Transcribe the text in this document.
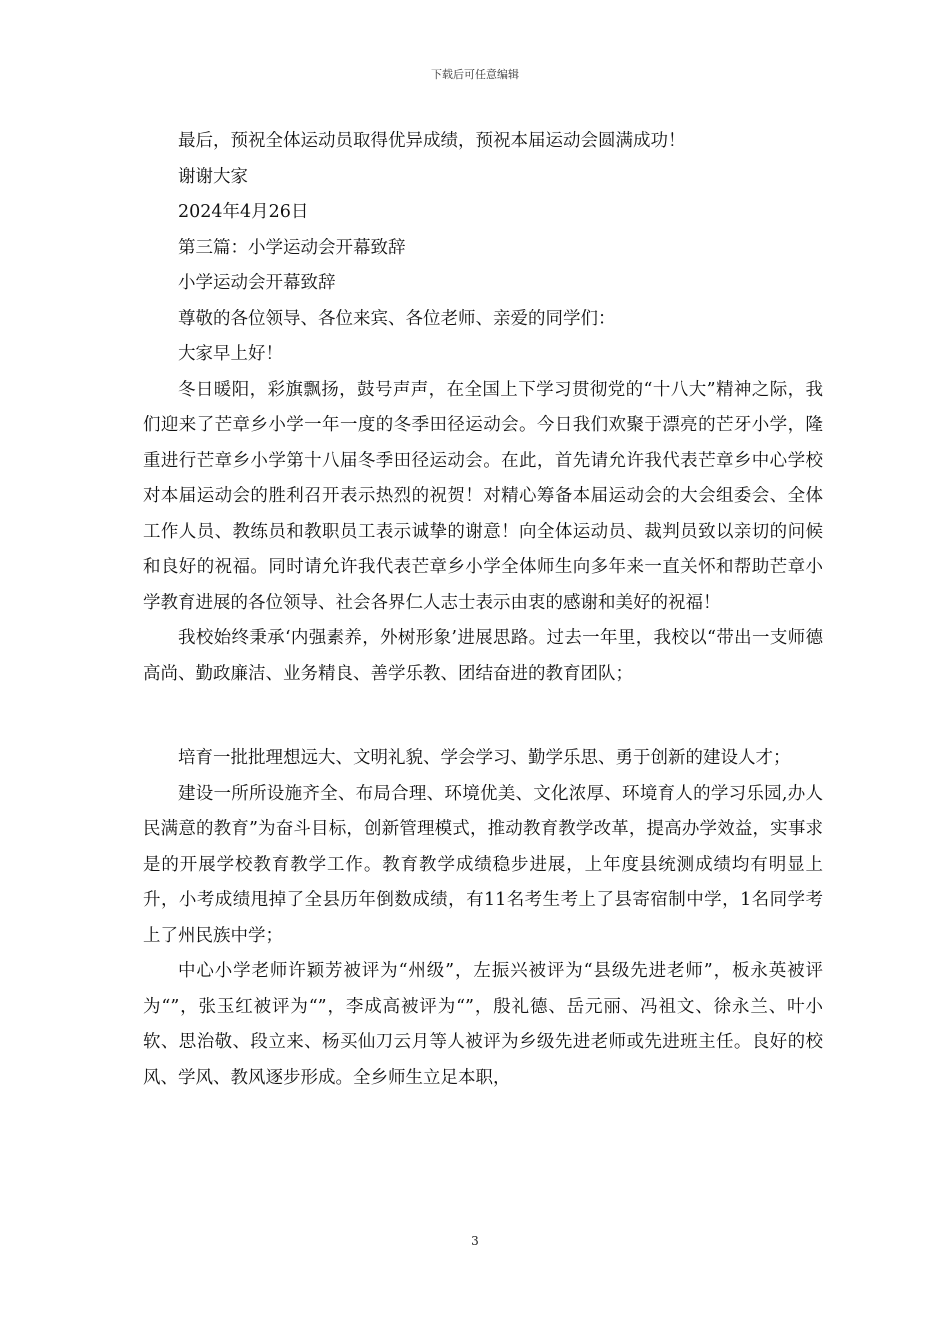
下载后可任意编辑

最后，预祝全体运动员取得优异成绩，预祝本届运动会圆满成功！

谢谢大家

2024年4月26日

第三篇：小学运动会开幕致辞

小学运动会开幕致辞

尊敬的各位领导、各位来宾、各位老师、亲爱的同学们：

大家早上好！

冬日暖阳，彩旗飘扬，鼓号声声，在全国上下学习贯彻党的“十八大”精神之际，我们迎来了芒章乡小学一年一度的冬季田径运动会。今日我们欢聚于漂亮的芒牙小学，隆重进行芒章乡小学第十八届冬季田径运动会。在此，首先请允许我代表芒章乡中心学校对本届运动会的胜利召开表示热烈的祝贺！对精心筹备本届运动会的大会组委会、全体工作人员、教练员和教职员工表示诚挚的谢意！向全体运动员、裁判员致以亲切的问候和良好的祝福。同时请允许我代表芒章乡小学全体师生向多年来一直关怀和帮助芒章小学教育进展的各位领导、社会各界仁人志士表示由衷的感谢和美好的祝福！

我校始终秉承‘内强素养，外树形象’进展思路。过去一年里，我校以“带出一支师德高尚、勤政廉洁、业务精良、善学乐教、团结奋进的教育团队；

培育一批批理想远大、文明礼貌、学会学习、勤学乐思、勇于创新的建设人才；

建设一所所设施齐全、布局合理、环境优美、文化浓厚、环境育人的学习乐园,办人民满意的教育”为奋斗目标，创新管理模式，推动教育教学改革，提高办学效益，实事求是的开展学校教育教学工作。教育教学成绩稳步进展，上年度县统测成绩均有明显上升，小考成绩甩掉了全县历年倒数成绩，有11名考生考上了县寄宿制中学，1名同学考上了州民族中学；

中心小学老师许颖芳被评为“州级”，左振兴被评为“县级先进老师”，板永英被评为“”，张玉红被评为“”，李成高被评为“”，殷礼德、岳元丽、冯祖文、徐永兰、叶小软、思治敬、段立来、杨买仙刀云月等人被评为乡级先进老师或先进班主任。良好的校风、学风、教风逐步形成。全乡师生立足本职，

3
